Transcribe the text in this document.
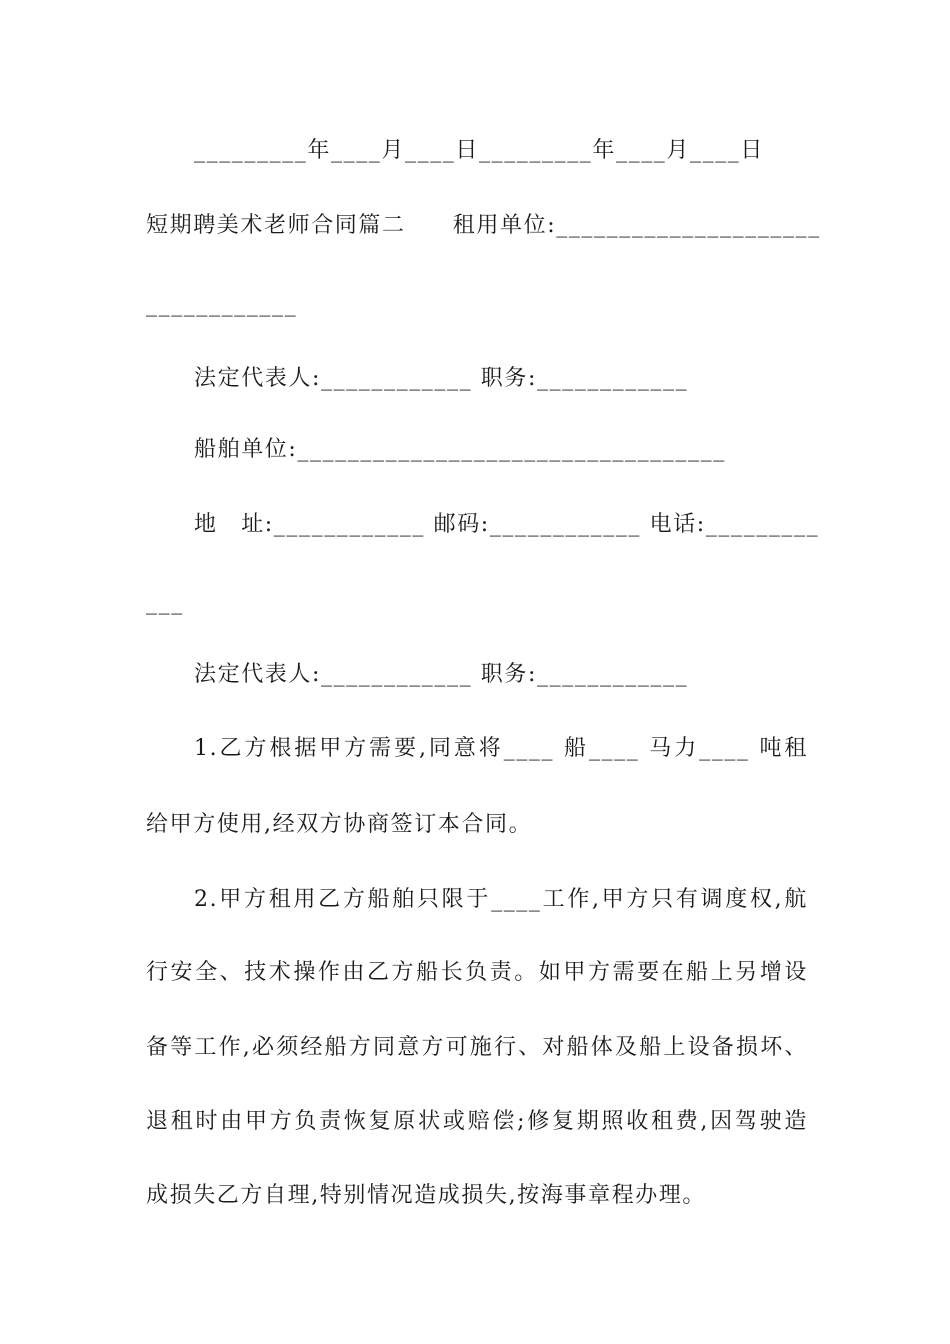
_________年____月____日_________年____月____日
短期聘美术老师合同篇二　　租用单位:_____________________
____________
法定代表人:____________ 职务:____________
船舶单位:__________________________________
地　址:____________ 邮码:____________ 电话:_________
___
法定代表人:____________ 职务:____________
1.乙方根据甲方需要,同意将____ 船____ 马力____ 吨租
给甲方使用,经双方协商签订本合同。
2.甲方租用乙方船舶只限于____工作,甲方只有调度权,航
行安全、技术操作由乙方船长负责。如甲方需要在船上另增设
备等工作,必须经船方同意方可施行、对船体及船上设备损坏、
退租时由甲方负责恢复原状或赔偿;修复期照收租费,因驾驶造
成损失乙方自理,特别情况造成损失,按海事章程办理。
